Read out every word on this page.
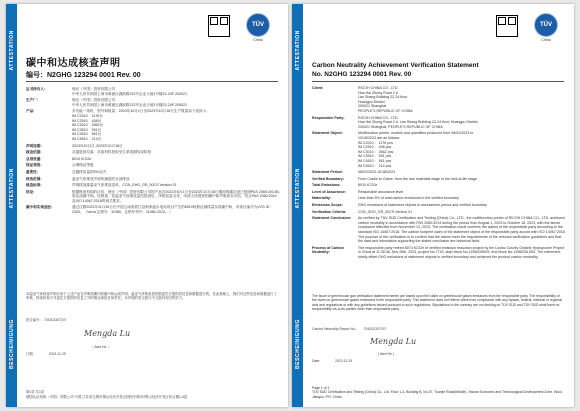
ATTESTATION
ATTESTATION
BESCHEINIGUNG
TÜV
China
碳中和达成核查声明
编号：N2GHG 123294 0001 Rev. 00
证书持有人:	理光（中国）投资有限公司
中华人民共和国上海市黄浦区湖滨路222号企业天地1号楼22-24F 200021
生产厂:	理光（中国）投资有限公司
中华人民共和国上海市黄浦区湖滨路222号企业天地1号楼22-24F 200021
产品:	多功能一体机，型号和数量：2023年10月1日至2023年10月18日生产数量如下表所示：
IM C2010    1176台
IM C2510    438台
IM C3010    2662台
IM C3510    591台
IM C4510    561台
IM C5510    214台
声明周期:	2023年8月1日-2023年10月18日
核查依据:	从摇篮到坟墓：从原材料获取至生命周期结束阶段
总排放量:	8010 tCO2e
保证等级:	合理保证等级
重要性:	总碳排放量的5%以内
排放范围:	温室气体排放声明所涵盖的全部排放
核查标准:	声明排放源温室气体排放清单，CCB_GHG_GR_00CS Version 01
结论:	根据核查机构的评估，理光（中国）投资有限公司的产品在2023年8月1日至2023年10月18日期间的碳足迹已按照PAS 2060:2014标准达成碳中和。经核查，其温室气体排放量经抵消后，净排放量为零，申请人所提供的碳中和声明真实可信，符合PAS 2060:2014及ISO 14067:2018的相关要求。
碳中和实现途径:	通过注销2023年11月26日在中国云南省碧江县柯家渡水电站项目产生的8010吨核证减排量实现碳中和，该项目编号为VCS ID 2300。（Verra 注册号：11980，注销序列号：11980-2023-...）
本温室气体核查声明仅用于上述产品在声明周期内的碳中和达成声明。温室气体核查是依据委托方提供的信息和数据进行的，在此基础上，我们对这些信息和数据进行了审核，核查机构不对委托方提供的信息之外的情况承担任何责任。本声明的英文版与中文版具有同等效力。
报告编号： 704202307197
Mengda Lu
（ Aied He ）
日期:	2023-11-29
第1页 共1页
德国认证机构（中国）有限公司 中国 江苏省无锡市锡山经济开发区团结中路3号锡山经济开发区综合楼1-4层
ATTESTATION
ATTESTATION
BESCHEINIGUNG
TÜV
China
Carbon Neutrality Achievement Verification Statement
No. N2GHG 123294 0001 Rev. 00
Client:	RICOH CHINA CO., LTD.
Hua Hai Zhong Road 2 #
Lan Shang Building 22-24 floor
Huangpu District
200021 Shanghai
PEOPLE'S REPUBLIC OF CHINA
Responsible Party:	RICOH CHINA CO., LTD.
Hua Hai Zhong Road 2 #, Lan Shang Building 22-24 floor, Huangpu District,
200021 Shanghai, PEOPLE'S REPUBLIC OF CHINA
Statement Object:	Multifunction printer, models and quantities produced from 08/01/2023 to
10/18/2023 are as follows:
IM C2010 :   1176 pcs
IM C2510 :   438 pcs
IM C3010 :   2662 pcs
IM C3510 :   591 pcs
IM C4510 :   561 pcs
IM C5510 :   214 pcs
Statement Period:	08/01/2023-10/18/2023
Verified Boundary:	From Cradle to Grave: from the raw materials stage to the end-of-life stage
Total Emissions:	8010 tCO2e
Level of Assurance:	Reasonable assurance level
Materiality:	Less than 5% of total carbon emissions in the verified boundary
Emissions Scope:	GHG emissions of statement objects in assessment period and verified boundary
Verification Criteria:	CCB_GHG_GR_00CS Version 01
Statement Conclusion:	As verified by TÜV SÜD Certification and Testing (China) Co., LTD., the multifunction printer of RICOH CHINA CO., LTD. achieved carbon neutrality in accordance with PAS 2060:2014 during the period from August 1, 2023 to October 18, 2023, with the above conclusion effective from November 13, 2023. The verification result confirms the claims of the responsible party according to the standard ISO 14067:2018. The carbon footprint claim of the statement object of the responsible party accord with ISO 14067:2018. The purpose of the verification is to confirm that the claims meet the requirements of the relevant verification guidelines and that the data and information supporting the stated conclusion are historical facts.
Process of Carbon Neutrality:
The responsible party retired 8074 tCO2e of verified emission reduction project by the Lushui County Gejiahe Hydropower Project in China at 11:36:36, Nov 26th, 2023, project No.7743, start block No.11980/28993, end block No.11980/36,053. The retirement totally offset GHG emissions of statement objects in verified boundary and achieved the product carbon neutrality.
The issue of greenhouse gas verification statement herein are based upon the claim on greenhouse gases emissions from the responsible party. The responsibility of the claim on greenhouse gases emissions is the responsible party. This statement does not relieve client from compliance with any bylaws, federal, national or regional acts and regulations or with any guidelines issued pursuant to such regulations. Stipulations to the contrary are not binding on TÜV SÜD and TÜV SÜD shall have no responsibility vis-à-vis parties other than responsible party.
Carbon Neutrality Report No.: 704202307197
Mengda Lu
( Aied He )
Date:	2023-11-29
Page 1 of 1
TÜV SÜD Certification and Testing (China) Co., Ltd. Floor 1-4, Building B, No.37, Tuanjie Road(Middle), Xishan Economic and Technological Development Zone, Wuxi, Jiangsu, P.R. China
